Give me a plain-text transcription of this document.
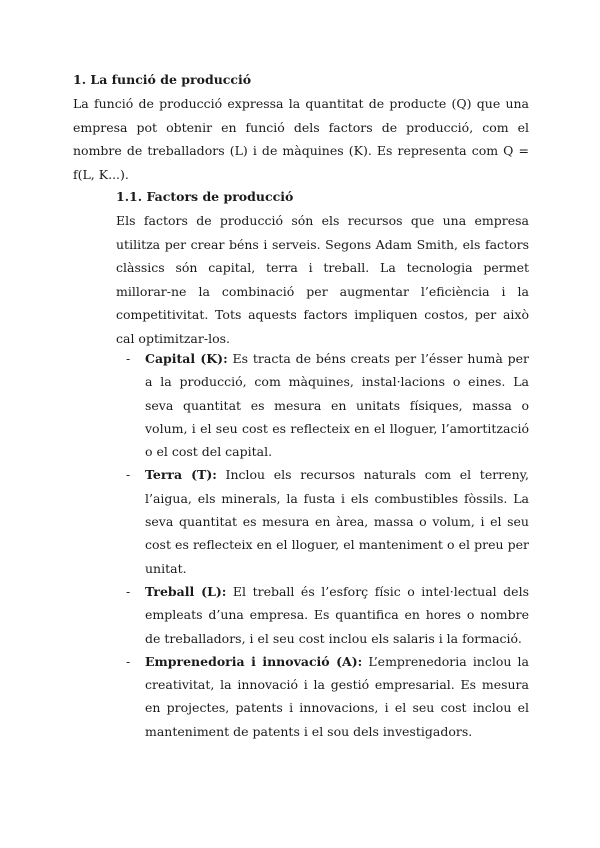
1. La funció de producció

La funció de producció expressa la quantitat de producte (Q) que una empresa pot obtenir en funció dels factors de producció, com el nombre de treballadors (L) i de màquines (K). Es representa com Q = f(L, K...).

1.1. Factors de producció

Els factors de producció són els recursos que una empresa utilitza per crear béns i serveis. Segons Adam Smith, els factors clàssics són capital, terra i treball. La tecnologia permet millorar-ne la combinació per augmentar l’eficiència i la competitivitat. Tots aquests factors impliquen costos, per això cal optimitzar-los.

- Capital (K): Es tracta de béns creats per l’ésser humà per a la producció, com màquines, instal·lacions o eines. La seva quantitat es mesura en unitats físiques, massa o volum, i el seu cost es reflecteix en el lloguer, l’amortització o el cost del capital.
- Terra (T): Inclou els recursos naturals com el terreny, l’aigua, els minerals, la fusta i els combustibles fòssils. La seva quantitat es mesura en àrea, massa o volum, i el seu cost es reflecteix en el lloguer, el manteniment o el preu per unitat.
- Treball (L): El treball és l’esforç físic o intel·lectual dels empleats d’una empresa. Es quantifica en hores o nombre de treballadors, i el seu cost inclou els salaris i la formació.
- Emprenedoria i innovació (A): L’emprenedoria inclou la creativitat, la innovació i la gestió empresarial. Es mesura en projectes, patents i innovacions, i el seu cost inclou el manteniment de patents i el sou dels investigadors.
